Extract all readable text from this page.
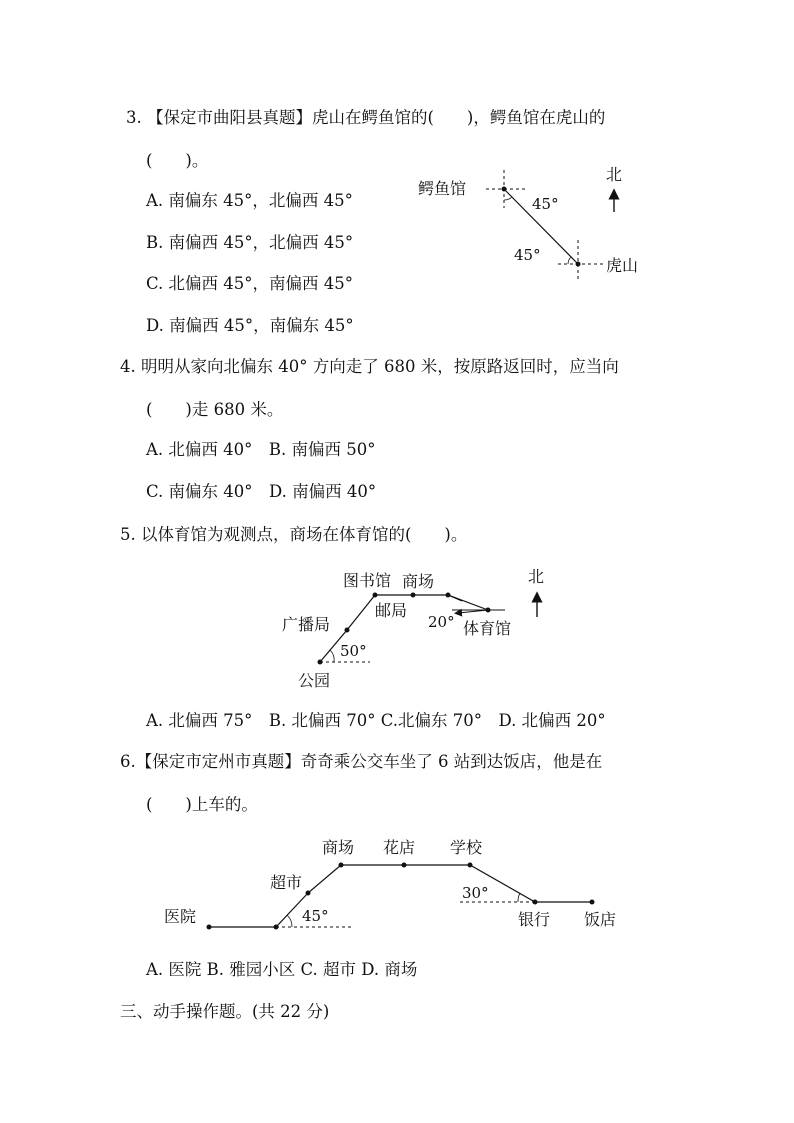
3. 【保定市曲阳县真题】虎山在鳄鱼馆的(　　)，鳄鱼馆在虎山的
(　　)。
A. 南偏东 45°，北偏西 45°
B. 南偏西 45°，北偏西 45°
C. 北偏西 45°，南偏西 45°
D. 南偏西 45°，南偏东 45°
4. 明明从家向北偏东 40° 方向走了 680 米，按原路返回时，应当向
(　　)走 680 米。
A. 北偏西 40°　B. 南偏西 50°
C. 南偏东 40°　D. 南偏西 40°
5. 以体育馆为观测点，商场在体育馆的(　　)。
A. 北偏西 75°　B. 北偏西 70° C.北偏东 70°　D. 北偏西 20°
6.【保定市定州市真题】奇奇乘公交车坐了 6 站到达饭店，他是在
(　　)上车的。
A. 医院 B. 雅园小区 C. 超市 D. 商场
三、动手操作题。(共 22 分)
鳄鱼馆
45°
45°
虎山
北
图书馆 商场
邮局
广播局	体育馆
20°
50°
公园
北
医院
超市
商场 花店 学校
45°
30°
银行 饭店
